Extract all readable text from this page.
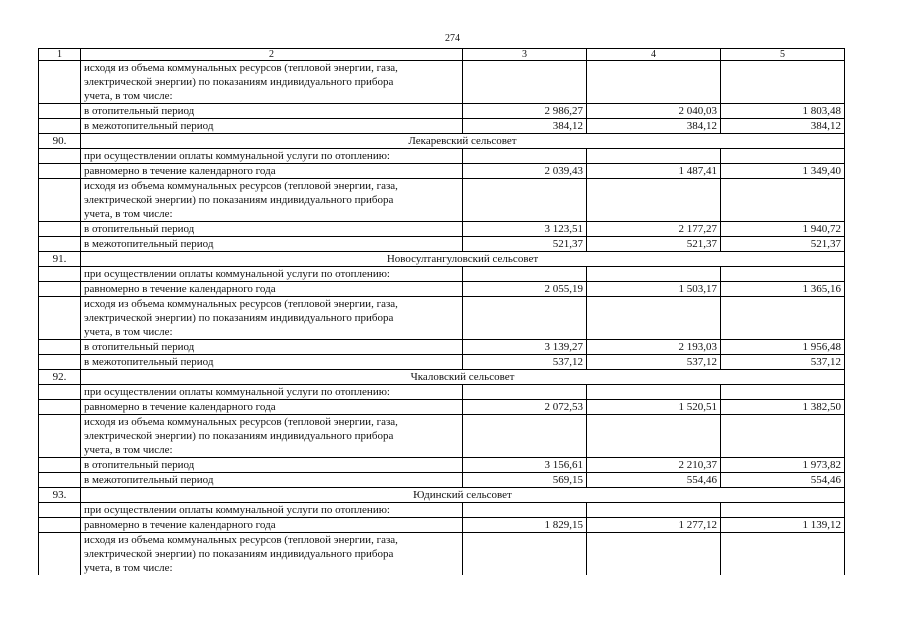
274
1	2	3	4	5

	исходя из объема коммунальных ресурсов (тепловой энергии, газа,
электрической энергии) по показаниям индивидуального прибора
учета, в том числе:			

	в отопительный период	2 986,27	2 040,03	1 803,48
	в межотопительный период	384,12	384,12	384,12
90.	Лекаревский сельсовет			
	при осуществлении оплаты коммунальной услуги по отоплению:			
	равномерно в течение календарного года	2 039,43	1 487,41	1 349,40

	исходя из объема коммунальных ресурсов (тепловой энергии, газа,
электрической энергии) по показаниям индивидуального прибора
учета, в том числе:			

	в отопительный период	3 123,51	2 177,27	1 940,72
	в межотопительный период	521,37	521,37	521,37
91.	Новосултангуловский сельсовет			
	при осуществлении оплаты коммунальной услуги по отоплению:			
	равномерно в течение календарного года	2 055,19	1 503,17	1 365,16

	исходя из объема коммунальных ресурсов (тепловой энергии, газа,
электрической энергии) по показаниям индивидуального прибора
учета, в том числе:			

	в отопительный период	3 139,27	2 193,03	1 956,48
	в межотопительный период	537,12	537,12	537,12
92.	Чкаловский сельсовет			
	при осуществлении оплаты коммунальной услуги по отоплению:			
	равномерно в течение календарного года	2 072,53	1 520,51	1 382,50

	исходя из объема коммунальных ресурсов (тепловой энергии, газа,
электрической энергии) по показаниям индивидуального прибора
учета, в том числе:			

	в отопительный период	3 156,61	2 210,37	1 973,82
	в межотопительный период	569,15	554,46	554,46
93.	Юдинский сельсовет			
	при осуществлении оплаты коммунальной услуги по отоплению:			
	равномерно в течение календарного года	1 829,15	1 277,12	1 139,12

	исходя из объема коммунальных ресурсов (тепловой энергии, газа,
электрической энергии) по показаниям индивидуального прибора
учета, в том числе:			
